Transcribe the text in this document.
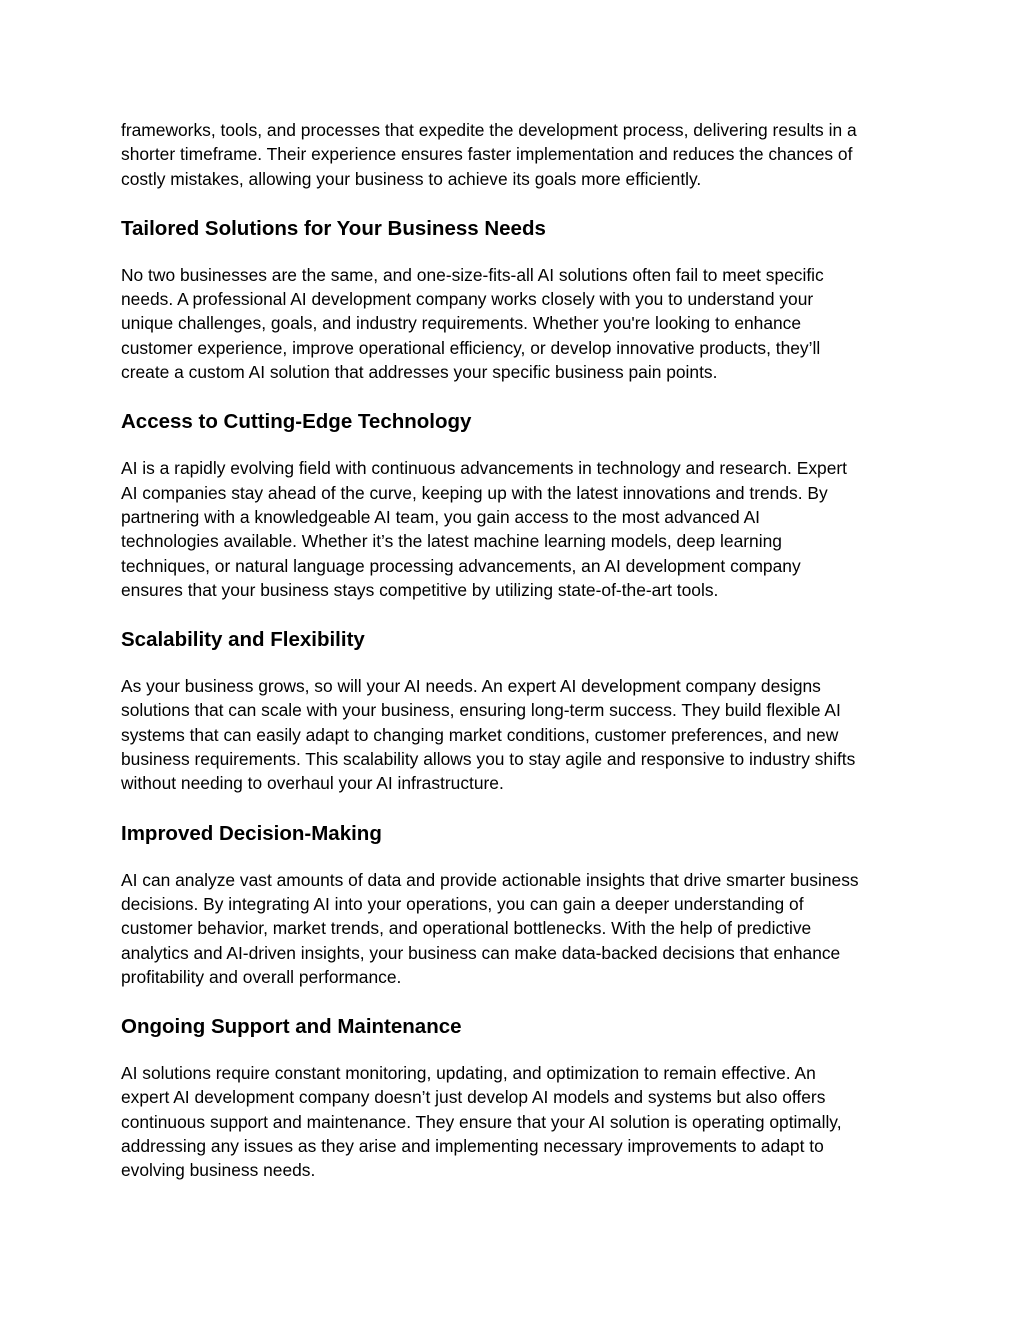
frameworks, tools, and processes that expedite the development process, delivering results in a
shorter timeframe. Their experience ensures faster implementation and reduces the chances of
costly mistakes, allowing your business to achieve its goals more efficiently.

Tailored Solutions for Your Business Needs

No two businesses are the same, and one-size-fits-all AI solutions often fail to meet specific
needs. A professional AI development company works closely with you to understand your
unique challenges, goals, and industry requirements. Whether you're looking to enhance
customer experience, improve operational efficiency, or develop innovative products, they’ll
create a custom AI solution that addresses your specific business pain points.

Access to Cutting-Edge Technology

AI is a rapidly evolving field with continuous advancements in technology and research. Expert
AI companies stay ahead of the curve, keeping up with the latest innovations and trends. By
partnering with a knowledgeable AI team, you gain access to the most advanced AI
technologies available. Whether it’s the latest machine learning models, deep learning
techniques, or natural language processing advancements, an AI development company
ensures that your business stays competitive by utilizing state-of-the-art tools.

Scalability and Flexibility

As your business grows, so will your AI needs. An expert AI development company designs
solutions that can scale with your business, ensuring long-term success. They build flexible AI
systems that can easily adapt to changing market conditions, customer preferences, and new
business requirements. This scalability allows you to stay agile and responsive to industry shifts
without needing to overhaul your AI infrastructure.

Improved Decision-Making

AI can analyze vast amounts of data and provide actionable insights that drive smarter business
decisions. By integrating AI into your operations, you can gain a deeper understanding of
customer behavior, market trends, and operational bottlenecks. With the help of predictive
analytics and AI-driven insights, your business can make data-backed decisions that enhance
profitability and overall performance.

Ongoing Support and Maintenance

AI solutions require constant monitoring, updating, and optimization to remain effective. An
expert AI development company doesn’t just develop AI models and systems but also offers
continuous support and maintenance. They ensure that your AI solution is operating optimally,
addressing any issues as they arise and implementing necessary improvements to adapt to
evolving business needs.
